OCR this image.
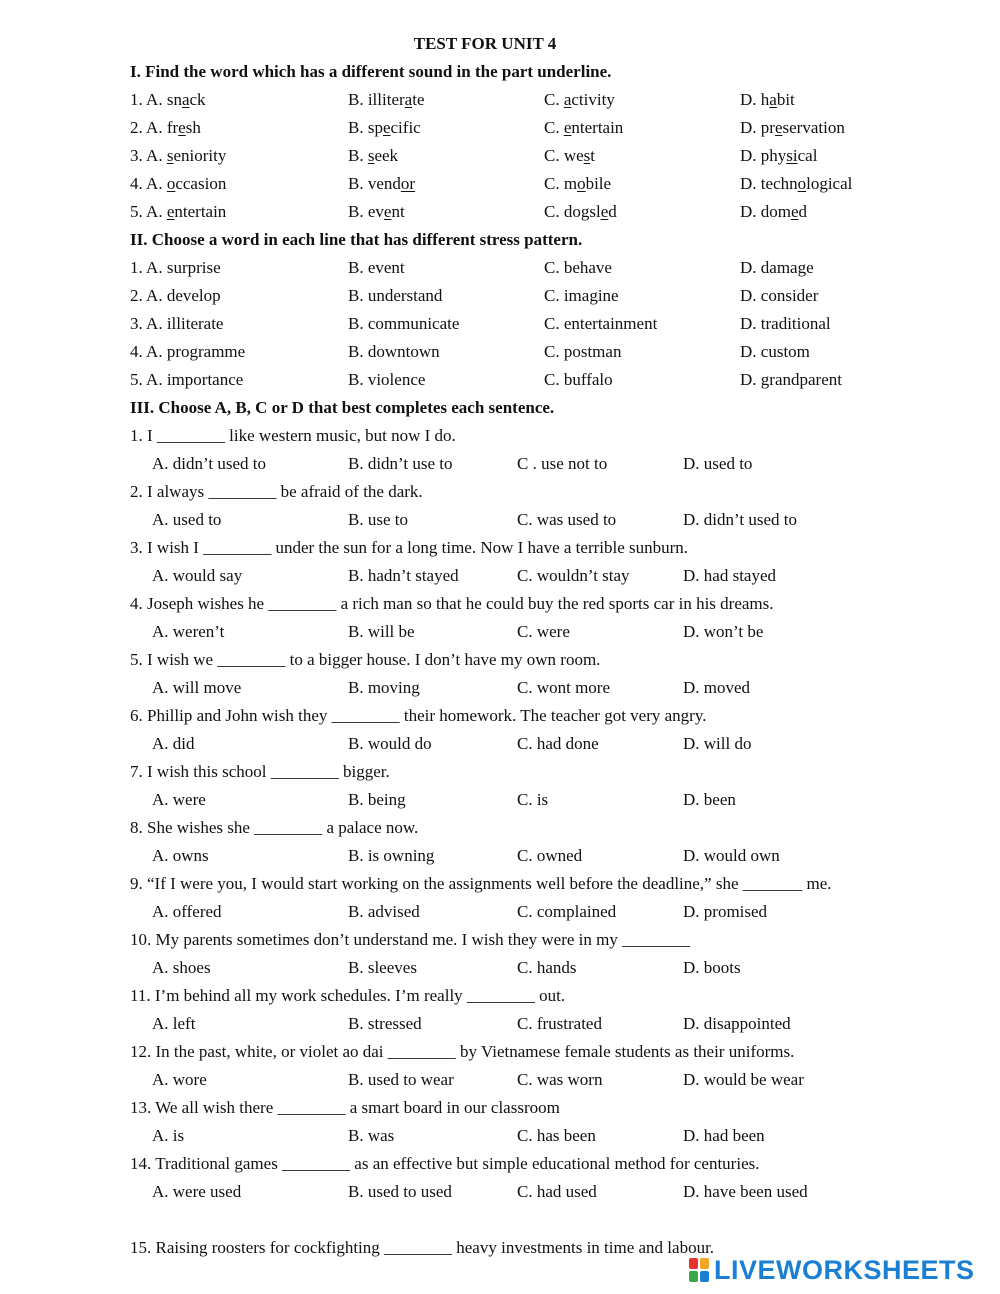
TEST FOR UNIT 4
I. Find the word which has a different sound in the part underline.
1. A. snack	B. illiterate	C. activity	D. habit
2. A. fresh	B. specific	C. entertain	D. preservation
3. A. seniority	B. seek	C. west	D. physical
4. A. occasion	B. vendor	C. mobile	D. technological
5. A. entertain	B. event	C. dogsled	D. domed
II. Choose a word in each line that has different stress pattern.
1. A. surprise	B. event	C. behave	D. damage
2. A. develop	B. understand	C. imagine	D. consider
3. A. illiterate	B. communicate	C. entertainment	D. traditional
4. A. programme	B. downtown	C. postman	D. custom
5. A. importance	B. violence	C. buffalo	D. grandparent
III. Choose A, B, C or D that best completes each sentence.
1. I ________ like western music, but now I do.
A. didn’t used to	B. didn’t use to	C . use not to	D. used to
2. I always ________ be afraid of the dark.
A. used to	B. use to	C. was used to	D. didn’t used to
3. I wish I ________ under the sun for a long time. Now I have a terrible sunburn.
A. would say	B. hadn’t stayed	C. wouldn’t stay	D. had stayed
4. Joseph wishes he ________ a rich man so that he could buy the red sports car in his dreams.
A. weren’t	B. will be	C. were	D. won’t be
5. I wish we ________ to a bigger house. I don’t have my own room.
A. will move	B. moving	C. wont more	D. moved
6. Phillip and John wish they ________ their homework. The teacher got very angry.
A. did	B. would do	C. had done	D. will do
7. I wish this school ________ bigger.
A. were	B. being	C. is	D. been
8. She wishes she ________ a palace now.
A. owns	B. is owning	C. owned	D. would own
9. “If I were you, I would start working on the assignments well before the deadline,” she _______ me.
A. offered	B. advised	C. complained	D. promised
10. My parents sometimes don’t understand me. I wish they were in my ________
A. shoes	B. sleeves	C. hands	D. boots
11. I’m behind all my work schedules. I’m really ________ out.
A. left	B. stressed	C. frustrated	D. disappointed
12. In the past, white, or violet ao dai ________ by Vietnamese female students as their uniforms.
A. wore	B. used to wear	C. was worn	D. would be wear
13. We all wish there ________ a smart board in our classroom
A. is	B. was	C. has been	D. had been
14. Traditional games ________ as an effective but simple educational method for centuries.
A. were used	B. used to used	C. had used	D. have been used
15. Raising roosters for cockfighting ________ heavy investments in time and labour.
LIVEWORKSHEETS
